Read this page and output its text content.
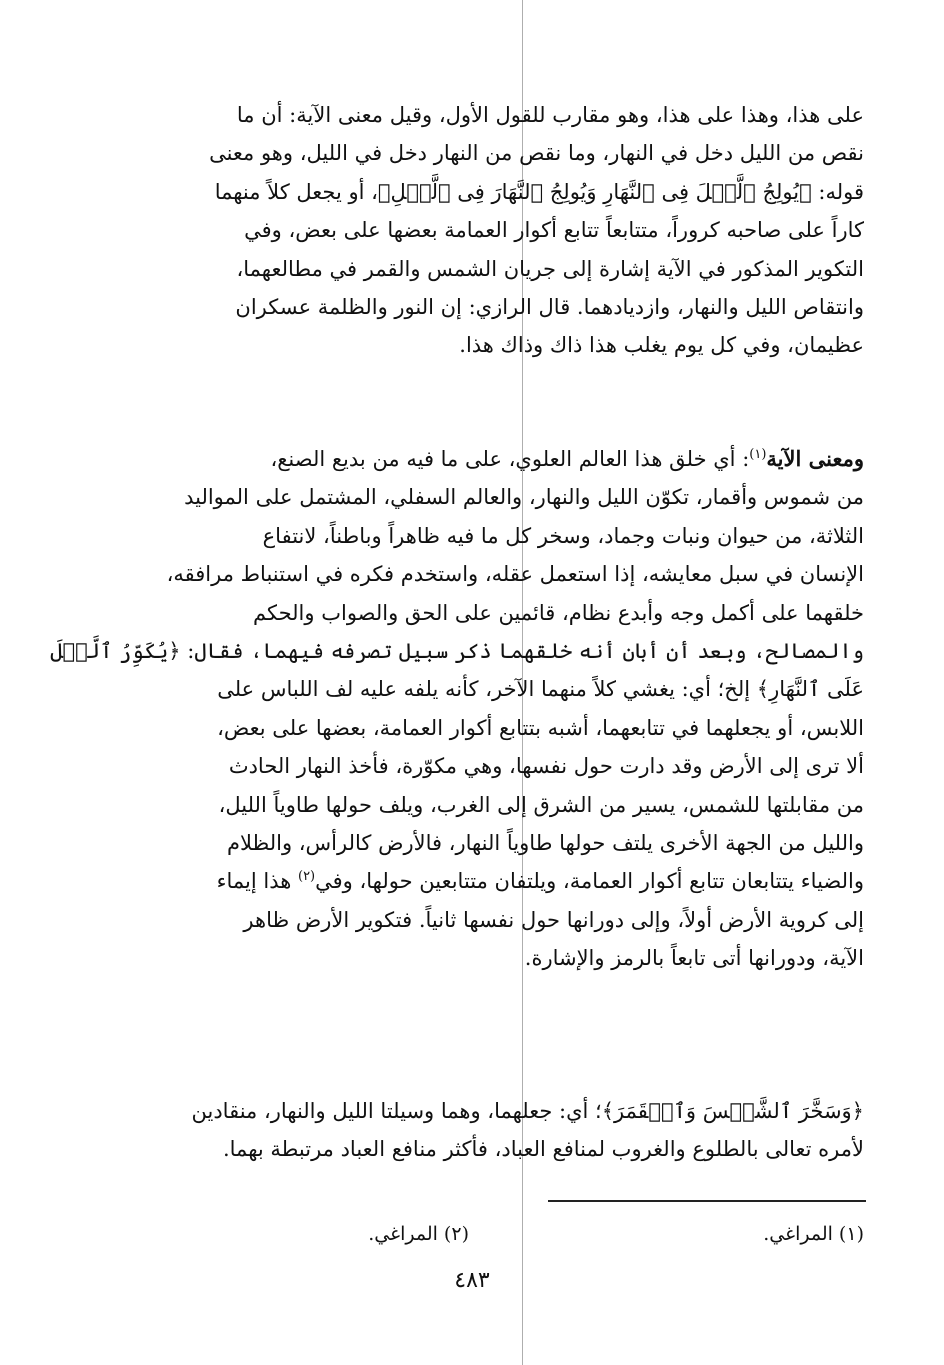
على هذا، وهذا على هذا، وهو مقارب للقول الأول، وقيل معنى الآية: أن ما
نقص من الليل دخل في النهار، وما نقص من النهار دخل في الليل، وهو معنى
قوله: ﴿يُولِجُ ٱلَّيۡلَ فِى ٱلنَّهَارِ وَيُولِجُ ٱلنَّهَارَ فِى ٱلَّيۡلِ﴾، أو يجعل كلاً منهما
كاراً على صاحبه كروراً، متتابعاً تتابع أكوار العمامة بعضها على بعض، وفي
التكوير المذكور في الآية إشارة إلى جريان الشمس والقمر في مطالعهما،
وانتقاص الليل والنهار، وازديادهما. قال الرازي: إن النور والظلمة عسكران
عظيمان، وفي كل يوم يغلب هذا ذاك وذاك هذا.
ومعنى الآية$^{(١)}$: أي خلق هذا العالم العلوي، على ما فيه من بديع الصنع،
من شموس وأقمار، تكوّن الليل والنهار، والعالم السفلي، المشتمل على المواليد
الثلاثة، من حيوان ونبات وجماد، وسخر كل ما فيه ظاهراً وباطناً، لانتفاع
الإنسان في سبل معايشه، إذا استعمل عقله، واستخدم فكره في استنباط مرافقه،
خلقهما على أكمل وجه وأبدع نظام، قائمين على الحق والصواب والحكم
والمصالح، وبعد أن أبان أنه خلقهما ذكر سبيل تصرفه فيهما، فقال: ﴿يُكَوِّرُ ٱلَّيۡلَ
عَلَى ٱلنَّهَارِ﴾ إلخ؛ أي: يغشي كلاً منهما الآخر، كأنه يلفه عليه لف اللباس على
اللابس، أو يجعلهما في تتابعهما، أشبه بتتابع أكوار العمامة، بعضها على بعض،
ألا ترى إلى الأرض وقد دارت حول نفسها، وهي مكوّرة، فأخذ النهار الحادث
من مقابلتها للشمس، يسير من الشرق إلى الغرب، ويلف حولها طاوياً الليل،
والليل من الجهة الأخرى يلتف حولها طاوياً النهار، فالأرض كالرأس، والظلام
والضياء يتتابعان تتابع أكوار العمامة، ويلتفان متتابعين حولها، وفي$^{(٢)}$ هذا إيماء
إلى كروية الأرض أولاً، وإلى دورانها حول نفسها ثانياً. فتكوير الأرض ظاهر
الآية، ودورانها أتى تابعاً بالرمز والإشارة.
﴿وَسَخَّرَ ٱلشَّمۡسَ وَٱلۡقَمَرَ﴾؛ أي: جعلهما، وهما وسيلتا الليل والنهار، منقادين
لأمره تعالى بالطلوع والغروب لمنافع العباد، فأكثر منافع العباد مرتبطة بهما.
(١) المراغي.
(٢) المراغي.
٤٨٣
